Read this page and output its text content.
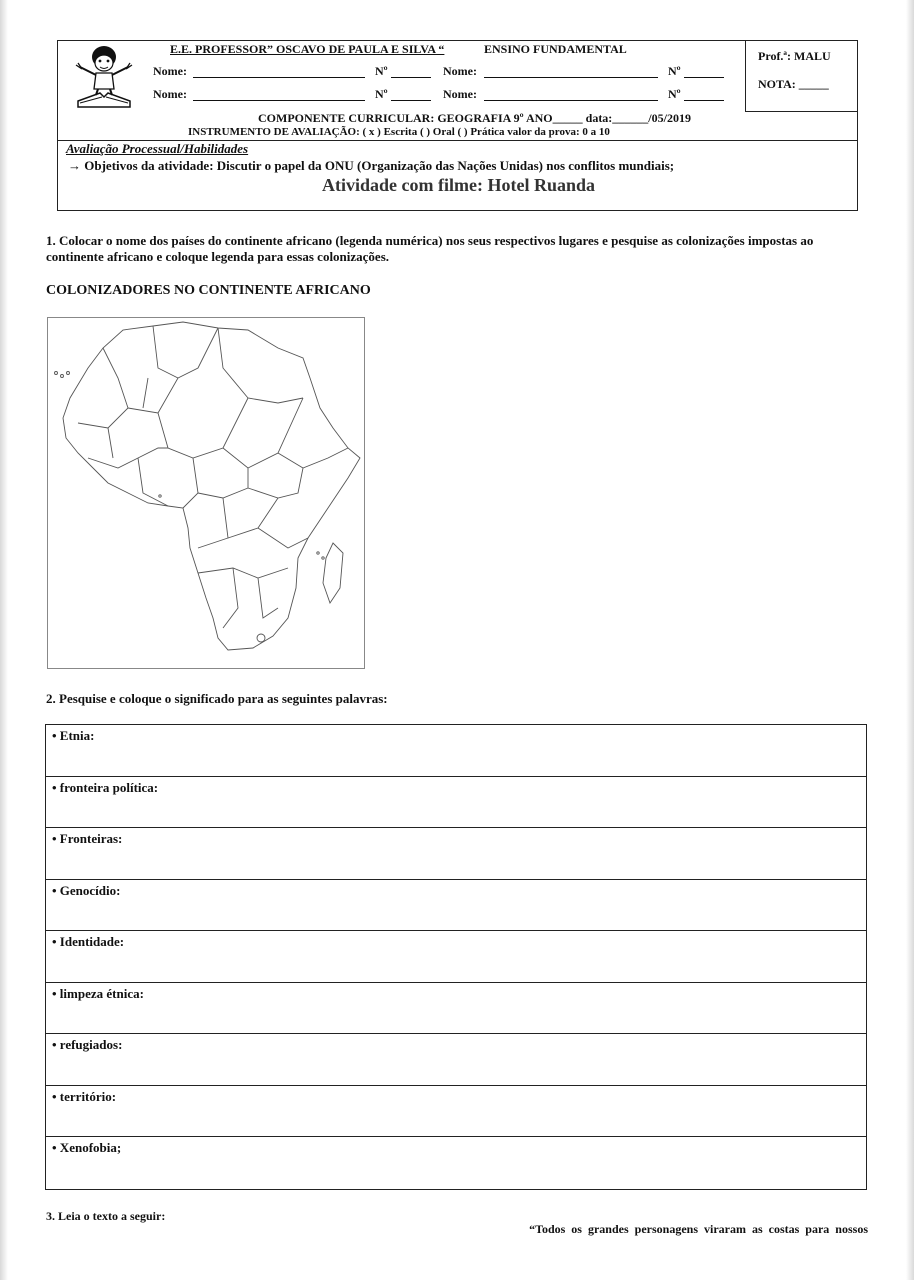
E.E. PROFESSOR” OSCAVO DE PAULA E SILVA “	ENSINO FUNDAMENTAL	Prof.ª: MALU
NOTA: _____
Nome:	Nº	Nome:	Nº
Nome:	Nº	Nome:	Nº
COMPONENTE CURRICULAR: GEOGRAFIA 9º ANO_____ data:______/05/2019
INSTRUMENTO DE AVALIAÇÃO: ( x ) Escrita ( ) Oral ( ) Prática valor da prova: 0 a 10
Avaliação Processual/Habilidades
→ Objetivos da atividade: Discutir o papel da ONU (Organização das Nações Unidas) nos conflitos mundiais;
Atividade com filme: Hotel Ruanda
1. Colocar o nome dos países do continente africano (legenda numérica) nos seus respectivos lugares e pesquise as colonizações impostas ao continente africano e coloque legenda para essas colonizações.
COLONIZADORES NO CONTINENTE AFRICANO
2. Pesquise e coloque o significado para as seguintes palavras:
• Etnia:
• fronteira política:
• Fronteiras:
• Genocídio:
• Identidade:
• limpeza étnica:
• refugiados:
• território:
• Xenofobia;
3. Leia o texto a seguir:
“Todos os grandes personagens viraram as costas para nossos
